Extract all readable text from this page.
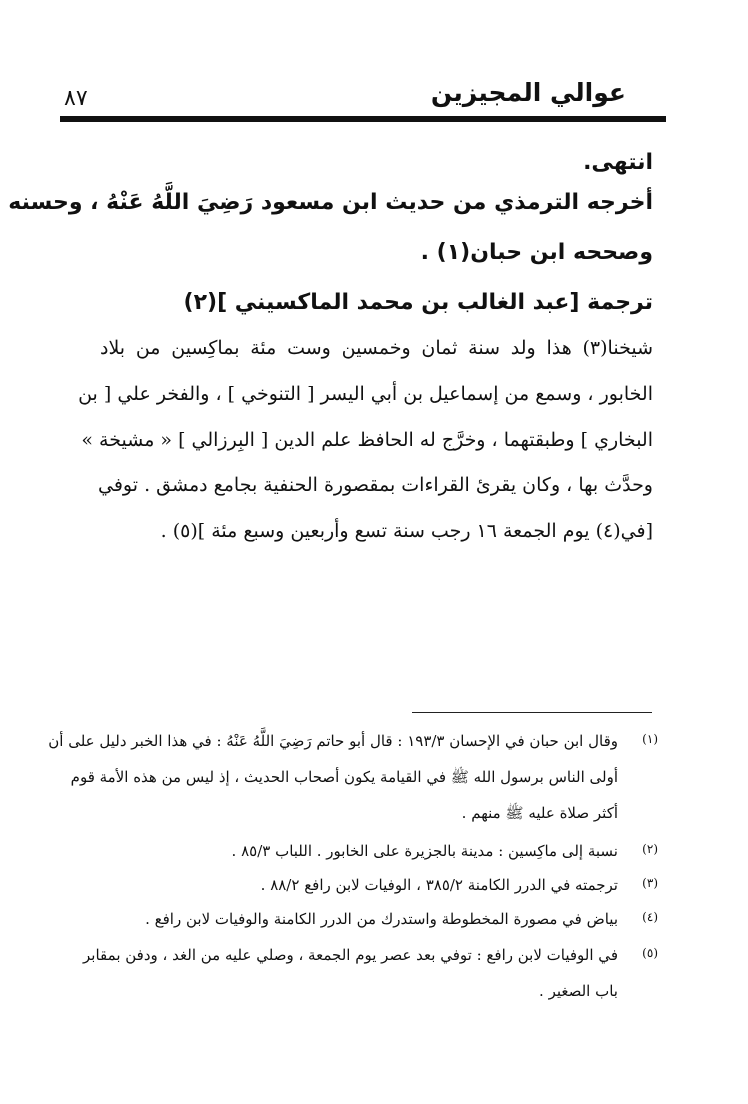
عوالي المجيزين
٨٧
انتهى.
أخرجه الترمذي من حديث ابن مسعود رَضِيَ اللَّهُ عَنْهُ ، وحسنه
وصححه ابن حبان(١) .
ترجمة [عبد الغالب بن محمد الماكسيني ](٢)
شيخنا(٣) هذا ولد سنة ثمان وخمسين وست مئة بماكِسين من بلاد
الخابور ، وسمع من إسماعيل بن أبي اليسر [ التنوخي ] ، والفخر علي [ بن
البخاري ] وطبقتهما ، وخرَّج له الحافظ علم الدين [ البِرزالي ] « مشيخة »
وحدَّث بها ، وكان يقرئ القراءات بمقصورة الحنفية بجامع دمشق . توفي
[في(٤) يوم الجمعة ١٦ رجب سنة تسع وأربعين وسبع مئة ](٥) .
(١)
وقال ابن حبان في الإحسان ١٩٣/٣ : قال أبو حاتم رَضِيَ اللَّهُ عَنْهُ : في هذا الخبر دليل على أن
أولى الناس برسول الله ﷺ في القيامة يكون أصحاب الحديث ، إذ ليس من هذه الأمة قوم
أكثر صلاة عليه ﷺ منهم .
(٢)
نسبة إلى ماكِسين : مدينة بالجزيرة على الخابور . اللباب ٨٥/٣ .
(٣)
ترجمته في الدرر الكامنة ٣٨٥/٢ ، الوفيات لابن رافع ٨٨/٢ .
(٤)
بياض في مصورة المخطوطة واستدرك من الدرر الكامنة والوفيات لابن رافع .
(٥)
في الوفيات لابن رافع : توفي بعد عصر يوم الجمعة ، وصلي عليه من الغد ، ودفن بمقابر
باب الصغير .
